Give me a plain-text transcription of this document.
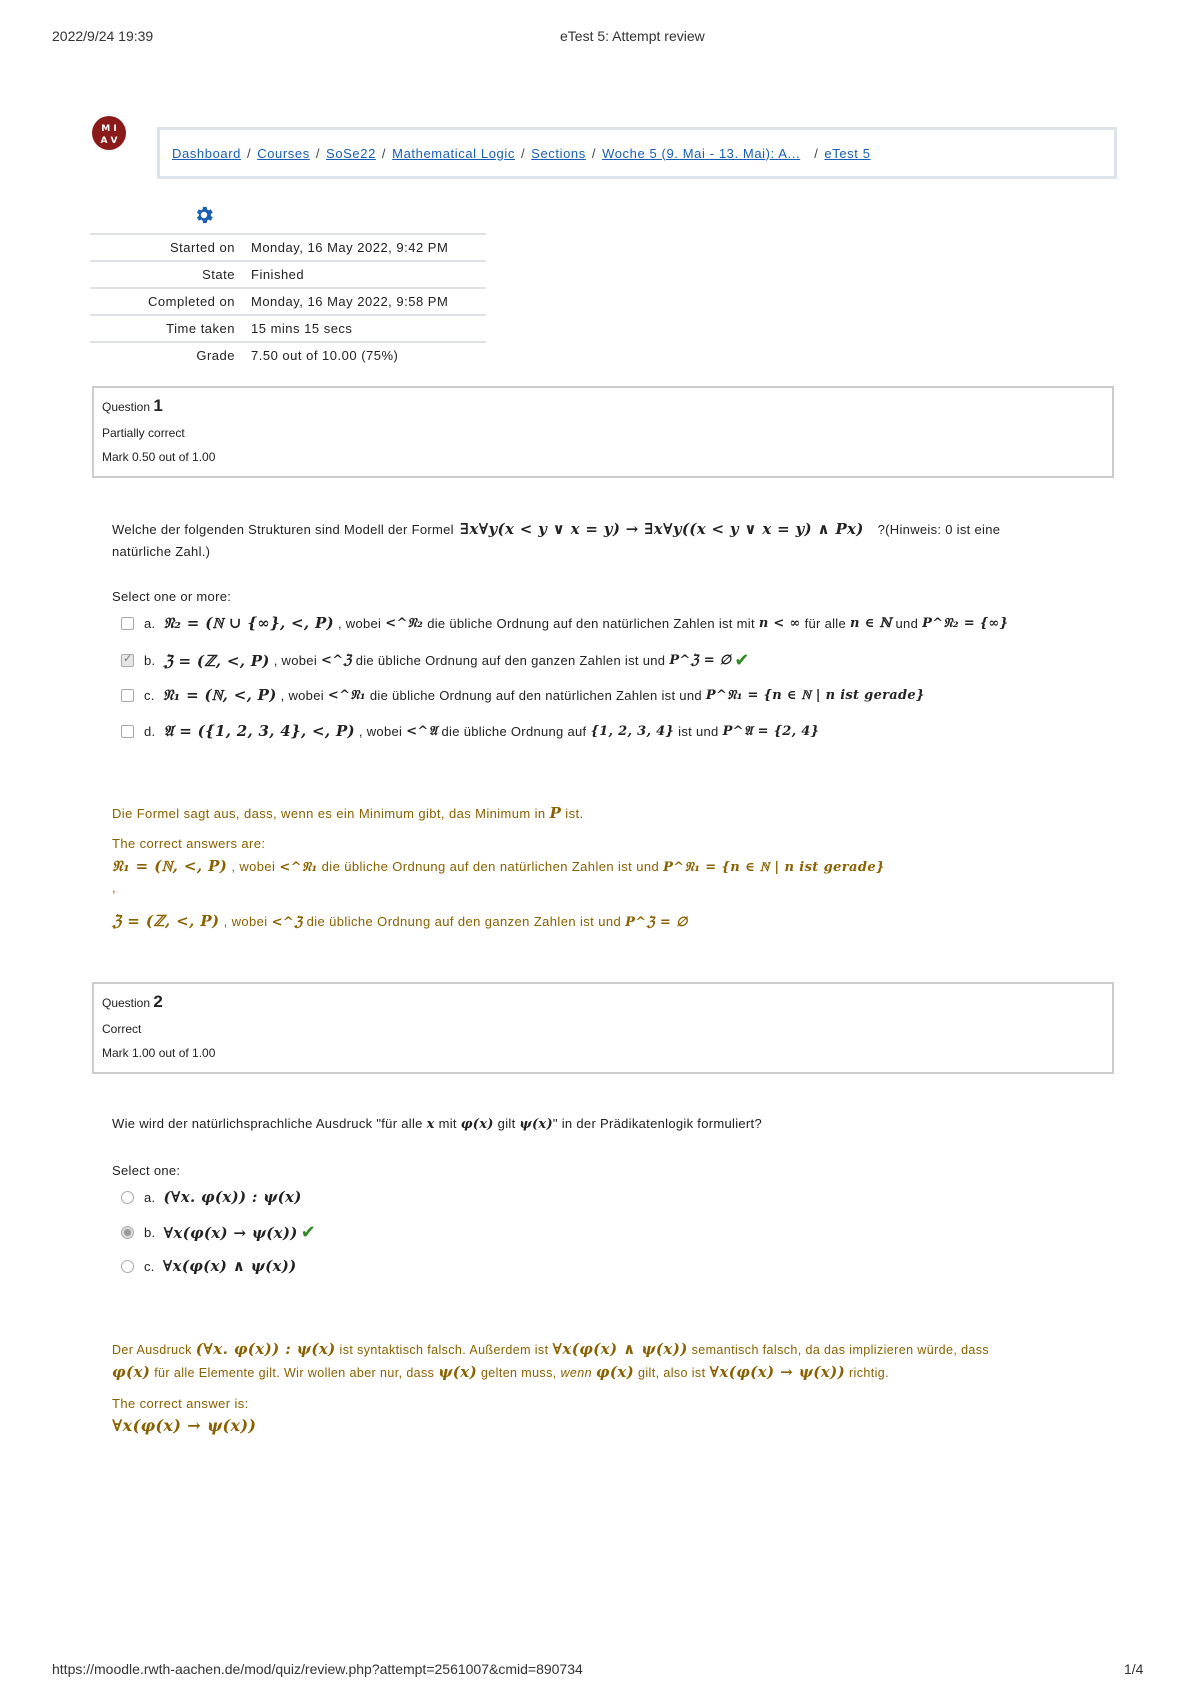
2022/9/24 19:39	eTest 5: Attempt review
M I
A V
Dashboard / Courses / SoSe22 / Mathematical Logic / Sections / Woche 5 (9. Mai - 13. Mai): A... / eTest 5
Started on	Monday, 16 May 2022, 9:42 PM
State	Finished
Completed on	Monday, 16 May 2022, 9:58 PM
Time taken	15 mins 15 secs
Grade	7.50 out of 10.00 (75%)
Question 1
Partially correct
Mark 0.50 out of 1.00
Welche der folgenden Strukturen sind Modell der Formel ∃x∀y(x < y ∨ x = y) → ∃x∀y((x < y ∨ x = y) ∧ Px) ?(Hinweis: 0 ist eine
natürliche Zahl.)
Select one or more:
a. 𝔑₂ = (ℕ ∪ {∞}, <, P) , wobei <^𝔑₂ die übliche Ordnung auf den natürlichen Zahlen ist mit n < ∞ für alle n ∈ ℕ und P^𝔑₂ = {∞}
✓
b. ℨ = (ℤ, <, P) , wobei <^ℨ die übliche Ordnung auf den ganzen Zahlen ist und P^ℨ = ∅ ✔
c. 𝔑₁ = (ℕ, <, P) , wobei <^𝔑₁ die übliche Ordnung auf den natürlichen Zahlen ist und P^𝔑₁ = {n ∈ ℕ | n ist gerade}
d. 𝔄 = ({1, 2, 3, 4}, <, P) , wobei <^𝔄 die übliche Ordnung auf {1, 2, 3, 4} ist und P^𝔄 = {2, 4}
Die Formel sagt aus, dass, wenn es ein Minimum gibt, das Minimum in P ist.
The correct answers are:
𝔑₁ = (ℕ, <, P) , wobei <^𝔑₁ die übliche Ordnung auf den natürlichen Zahlen ist und P^𝔑₁ = {n ∈ ℕ | n ist gerade}
,
ℨ = (ℤ, <, P) , wobei <^ℨ die übliche Ordnung auf den ganzen Zahlen ist und P^ℨ = ∅
Question 2
Correct
Mark 1.00 out of 1.00
Wie wird der natürlichsprachliche Ausdruck "für alle x mit φ(x) gilt ψ(x)" in der Prädikatenlogik formuliert?
Select one:
a. (∀x. φ(x)) : ψ(x)
b. ∀x(φ(x) → ψ(x)) ✔
c. ∀x(φ(x) ∧ ψ(x))
Der Ausdruck (∀x. φ(x)) : ψ(x) ist syntaktisch falsch. Außerdem ist ∀x(φ(x) ∧ ψ(x)) semantisch falsch, da das implizieren würde, dass
φ(x) für alle Elemente gilt. Wir wollen aber nur, dass ψ(x) gelten muss, wenn φ(x) gilt, also ist ∀x(φ(x) → ψ(x)) richtig.
The correct answer is:
∀x(φ(x) → ψ(x))
https://moodle.rwth-aachen.de/mod/quiz/review.php?attempt=2561007&cmid=890734	1/4
